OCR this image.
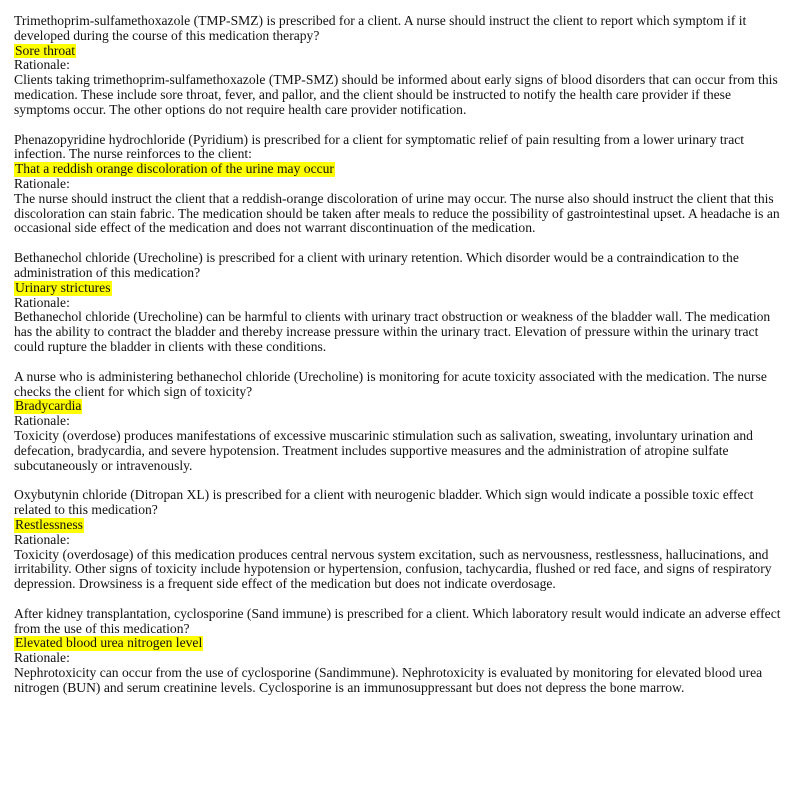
Trimethoprim-sulfamethoxazole (TMP-SMZ) is prescribed for a client. A nurse should instruct the client to report which symptom if it developed during the course of this medication therapy?

Sore throat

Rationale:

Clients taking trimethoprim-sulfamethoxazole (TMP-SMZ) should be informed about early signs of blood disorders that can occur from this medication. These include sore throat, fever, and pallor, and the client should be instructed to notify the health care provider if these symptoms occur. The other options do not require health care provider notification.

Phenazopyridine hydrochloride (Pyridium) is prescribed for a client for symptomatic relief of pain resulting from a lower urinary tract infection. The nurse reinforces to the client:

That a reddish orange discoloration of the urine may occur

Rationale:

The nurse should instruct the client that a reddish-orange discoloration of urine may occur. The nurse also should instruct the client that this discoloration can stain fabric. The medication should be taken after meals to reduce the possibility of gastrointestinal upset. A headache is an occasional side effect of the medication and does not warrant discontinuation of the medication.

Bethanechol chloride (Urecholine) is prescribed for a client with urinary retention. Which disorder would be a contraindication to the administration of this medication?

Urinary strictures

Rationale:

Bethanechol chloride (Urecholine) can be harmful to clients with urinary tract obstruction or weakness of the bladder wall. The medication has the ability to contract the bladder and thereby increase pressure within the urinary tract. Elevation of pressure within the urinary tract could rupture the bladder in clients with these conditions.

A nurse who is administering bethanechol chloride (Urecholine) is monitoring for acute toxicity associated with the medication. The nurse checks the client for which sign of toxicity?

Bradycardia

Rationale:

Toxicity (overdose) produces manifestations of excessive muscarinic stimulation such as salivation, sweating, involuntary urination and defecation, bradycardia, and severe hypotension. Treatment includes supportive measures and the administration of atropine sulfate subcutaneously or intravenously.

Oxybutynin chloride (Ditropan XL) is prescribed for a client with neurogenic bladder. Which sign would indicate a possible toxic effect related to this medication?

Restlessness

Rationale:

Toxicity (overdosage) of this medication produces central nervous system excitation, such as nervousness, restlessness, hallucinations, and irritability. Other signs of toxicity include hypotension or hypertension, confusion, tachycardia, flushed or red face, and signs of respiratory depression. Drowsiness is a frequent side effect of the medication but does not indicate overdosage.

After kidney transplantation, cyclosporine (Sand immune) is prescribed for a client. Which laboratory result would indicate an adverse effect from the use of this medication?

Elevated blood urea nitrogen level

Rationale:

Nephrotoxicity can occur from the use of cyclosporine (Sandimmune). Nephrotoxicity is evaluated by monitoring for elevated blood urea nitrogen (BUN) and serum creatinine levels. Cyclosporine is an immunosuppressant but does not depress the bone marrow.
